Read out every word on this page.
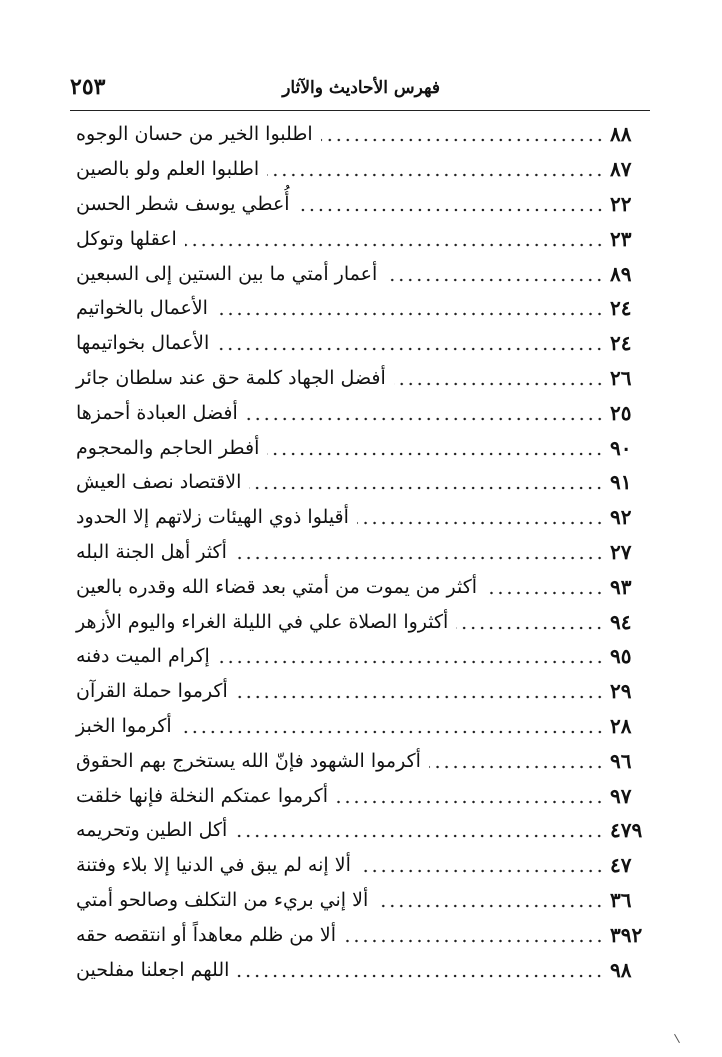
فهرس الأحاديث والآثار
٢٥٣
اطلبوا الخير من حسان الوجوه	٨٨
اطلبوا العلم ولو بالصين	٨٧
أُعطي يوسف شطر الحسن	٢٢
اعقلها وتوكل	٢٣
أعمار أمتي ما بين الستين إلى السبعين	٨٩
الأعمال بالخواتيم	٢٤
الأعمال بخواتيمها	٢٤
أفضل الجهاد كلمة حق عند سلطان جائر	٢٦
أفضل العبادة أحمزها	٢٥
أفطر الحاجم والمحجوم	٩٠
الاقتصاد نصف العيش	٩١
أقيلوا ذوي الهيئات زلاتهم إلا الحدود	٩٢
أكثر أهل الجنة البله	٢٧
أكثر من يموت من أمتي بعد قضاء الله وقدره بالعين	٩٣
أكثروا الصلاة علي في الليلة الغراء واليوم الأزهر	٩٤
إكرام الميت دفنه	٩٥
أكرموا حملة القرآن	٢٩
أكرموا الخبز	٢٨
أكرموا الشهود فإنّ الله يستخرج بهم الحقوق	٩٦
أكرموا عمتكم النخلة فإنها خلقت	٩٧
أكل الطين وتحريمه	٤٧٩
ألا إنه لم يبق في الدنيا إلا بلاء وفتنة	٤٧
ألا إني بريء من التكلف وصالحو أمتي	٣٦
ألا من ظلم معاهداً أو انتقصه حقه	٣٩٢
اللهم اجعلنا مفلحين	٩٨
